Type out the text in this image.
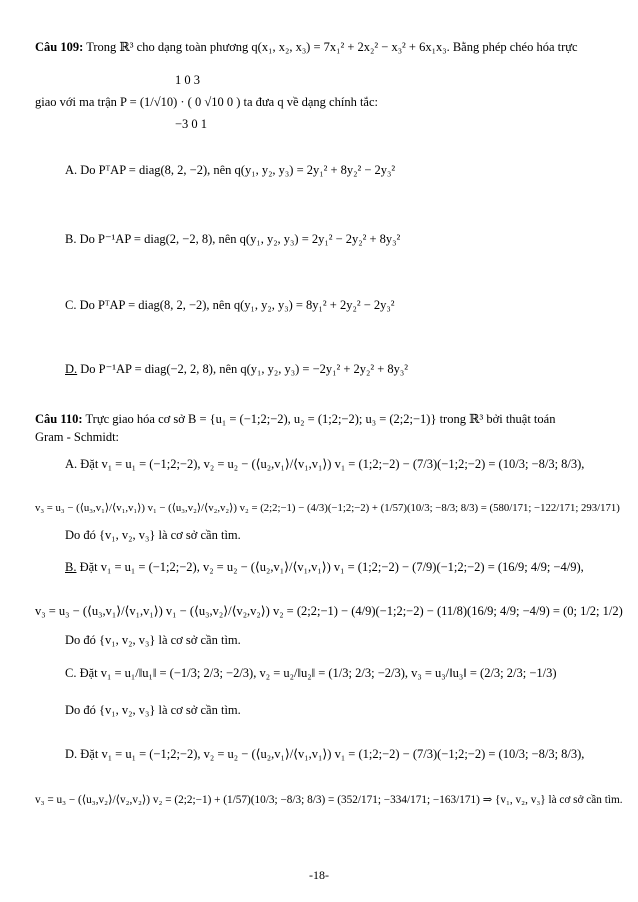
Câu 109: Trong ℝ³ cho dạng toàn phương q(x₁, x₂, x₃) = 7x₁² + 2x₂² − x₃² + 6x₁x₃. Bằng phép chéo hóa trực
1 0 3
giao với ma trận P = (1/√10) · ( 0 √10 0 ) ta đưa q về dạng chính tắc:
−3 0 1
A. Do PᵀAP = diag(8, 2, −2), nên q(y₁, y₂, y₃) = 2y₁² + 8y₂² − 2y₃²
B. Do P⁻¹AP = diag(2, −2, 8), nên q(y₁, y₂, y₃) = 2y₁² − 2y₂² + 8y₃²
C. Do PᵀAP = diag(8, 2, −2), nên q(y₁, y₂, y₃) = 8y₁² + 2y₂² − 2y₃²
D. Do P⁻¹AP = diag(−2, 2, 8), nên q(y₁, y₂, y₃) = −2y₁² + 2y₂² + 8y₃²
Câu 110: Trực giao hóa cơ sở B = {u₁ = (−1;2;−2), u₂ = (1;2;−2); u₃ = (2;2;−1)} trong ℝ³ bởi thuật toán
Gram - Schmidt:
A. Đặt v₁ = u₁ = (−1;2;−2), v₂ = u₂ − (⟨u₂,v₁⟩/⟨v₁,v₁⟩) v₁ = (1;2;−2) − (7/3)(−1;2;−2) = (10/3; −8/3; 8/3),
v₃ = u₃ − (⟨u₃,v₁⟩/⟨v₁,v₁⟩) v₁ − (⟨u₃,v₂⟩/⟨v₂,v₂⟩) v₂ = (2;2;−1) − (4/3)(−1;2;−2) + (1/57)(10/3; −8/3; 8/3) = (580/171; −122/171; 293/171)
Do đó {v₁, v₂, v₃} là cơ sở cần tìm.
B. Đặt v₁ = u₁ = (−1;2;−2), v₂ = u₂ − (⟨u₂,v₁⟩/⟨v₁,v₁⟩) v₁ = (1;2;−2) − (7/9)(−1;2;−2) = (16/9; 4/9; −4/9),
v₃ = u₃ − (⟨u₃,v₁⟩/⟨v₁,v₁⟩) v₁ − (⟨u₃,v₂⟩/⟨v₂,v₂⟩) v₂ = (2;2;−1) − (4/9)(−1;2;−2) − (11/8)(16/9; 4/9; −4/9) = (0; 1/2; 1/2)
Do đó {v₁, v₂, v₃} là cơ sở cần tìm.
C. Đặt v₁ = u₁/‖u₁‖ = (−1/3; 2/3; −2/3), v₂ = u₂/‖u₂‖ = (1/3; 2/3; −2/3), v₃ = u₃/‖u₃‖ = (2/3; 2/3; −1/3)
Do đó {v₁, v₂, v₃} là cơ sở cần tìm.
D. Đặt v₁ = u₁ = (−1;2;−2), v₂ = u₂ − (⟨u₂,v₁⟩/⟨v₁,v₁⟩) v₁ = (1;2;−2) − (7/3)(−1;2;−2) = (10/3; −8/3; 8/3),
v₃ = u₃ − (⟨u₃,v₂⟩/⟨v₂,v₂⟩) v₂ = (2;2;−1) + (1/57)(10/3; −8/3; 8/3) = (352/171; −334/171; −163/171) ⇒ {v₁, v₂, v₃} là cơ sở cần tìm.
-18-
